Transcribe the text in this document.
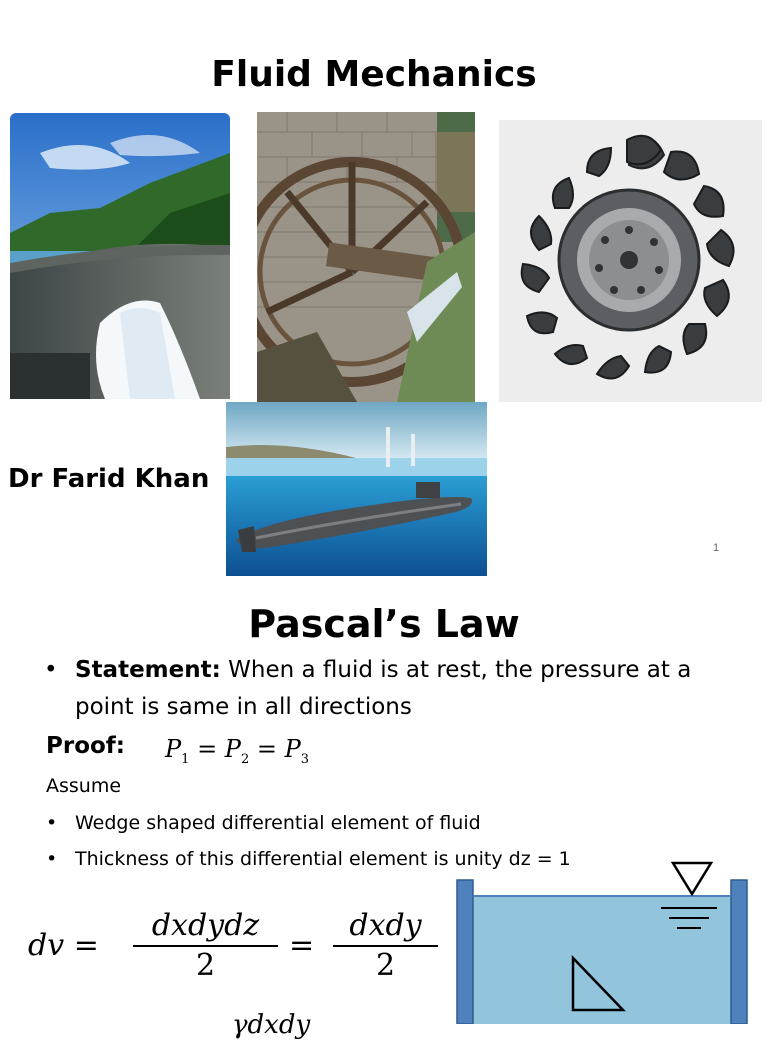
Fluid Mechanics
Dr Farid Khan
1
Pascal’s Law
• Statement: When a fluid is at rest, the pressure at a point is same in all directions
Proof: $P_1 = P_2 = P_3$
Assume
• Wedge shaped differential element of fluid
• Thickness of this differential element is unity dz = 1
dv =
dxdydz
2
=
dxdy
2
γdxdy
